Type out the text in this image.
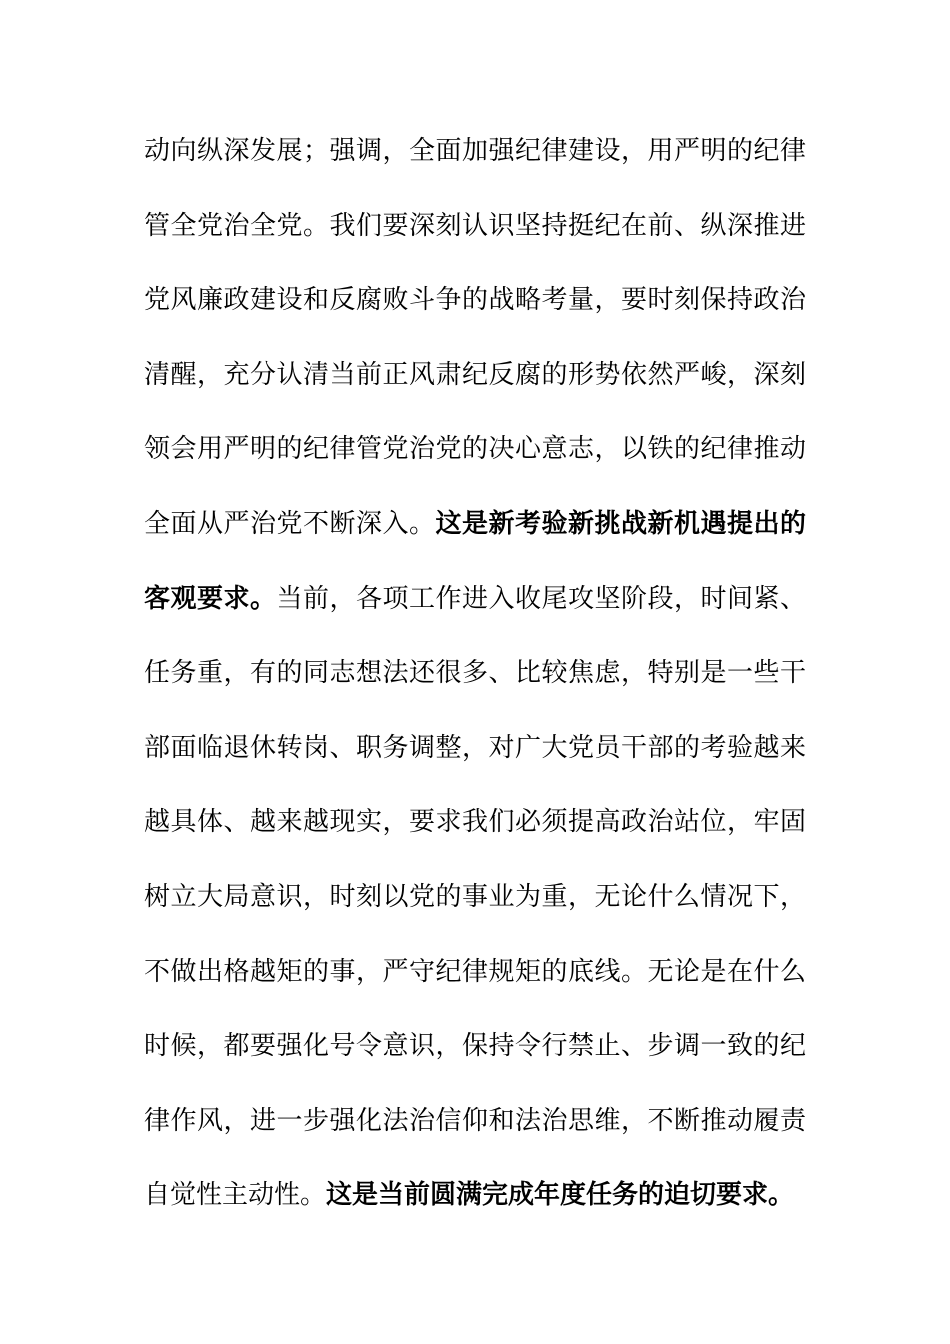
动向纵深发展；强调，全面加强纪律建设，用严明的纪律
管全党治全党。我们要深刻认识坚持挺纪在前、纵深推进
党风廉政建设和反腐败斗争的战略考量，要时刻保持政治
清醒，充分认清当前正风肃纪反腐的形势依然严峻，深刻
领会用严明的纪律管党治党的决心意志，以铁的纪律推动
全面从严治党不断深入。这是新考验新挑战新机遇提出的
客观要求。当前，各项工作进入收尾攻坚阶段，时间紧、
任务重，有的同志想法还很多、比较焦虑，特别是一些干
部面临退休转岗、职务调整，对广大党员干部的考验越来
越具体、越来越现实，要求我们必须提高政治站位，牢固
树立大局意识，时刻以党的事业为重，无论什么情况下，
不做出格越矩的事，严守纪律规矩的底线。无论是在什么
时候，都要强化号令意识，保持令行禁止、步调一致的纪
律作风，进一步强化法治信仰和法治思维，不断推动履责
自觉性主动性。这是当前圆满完成年度任务的迫切要求。
